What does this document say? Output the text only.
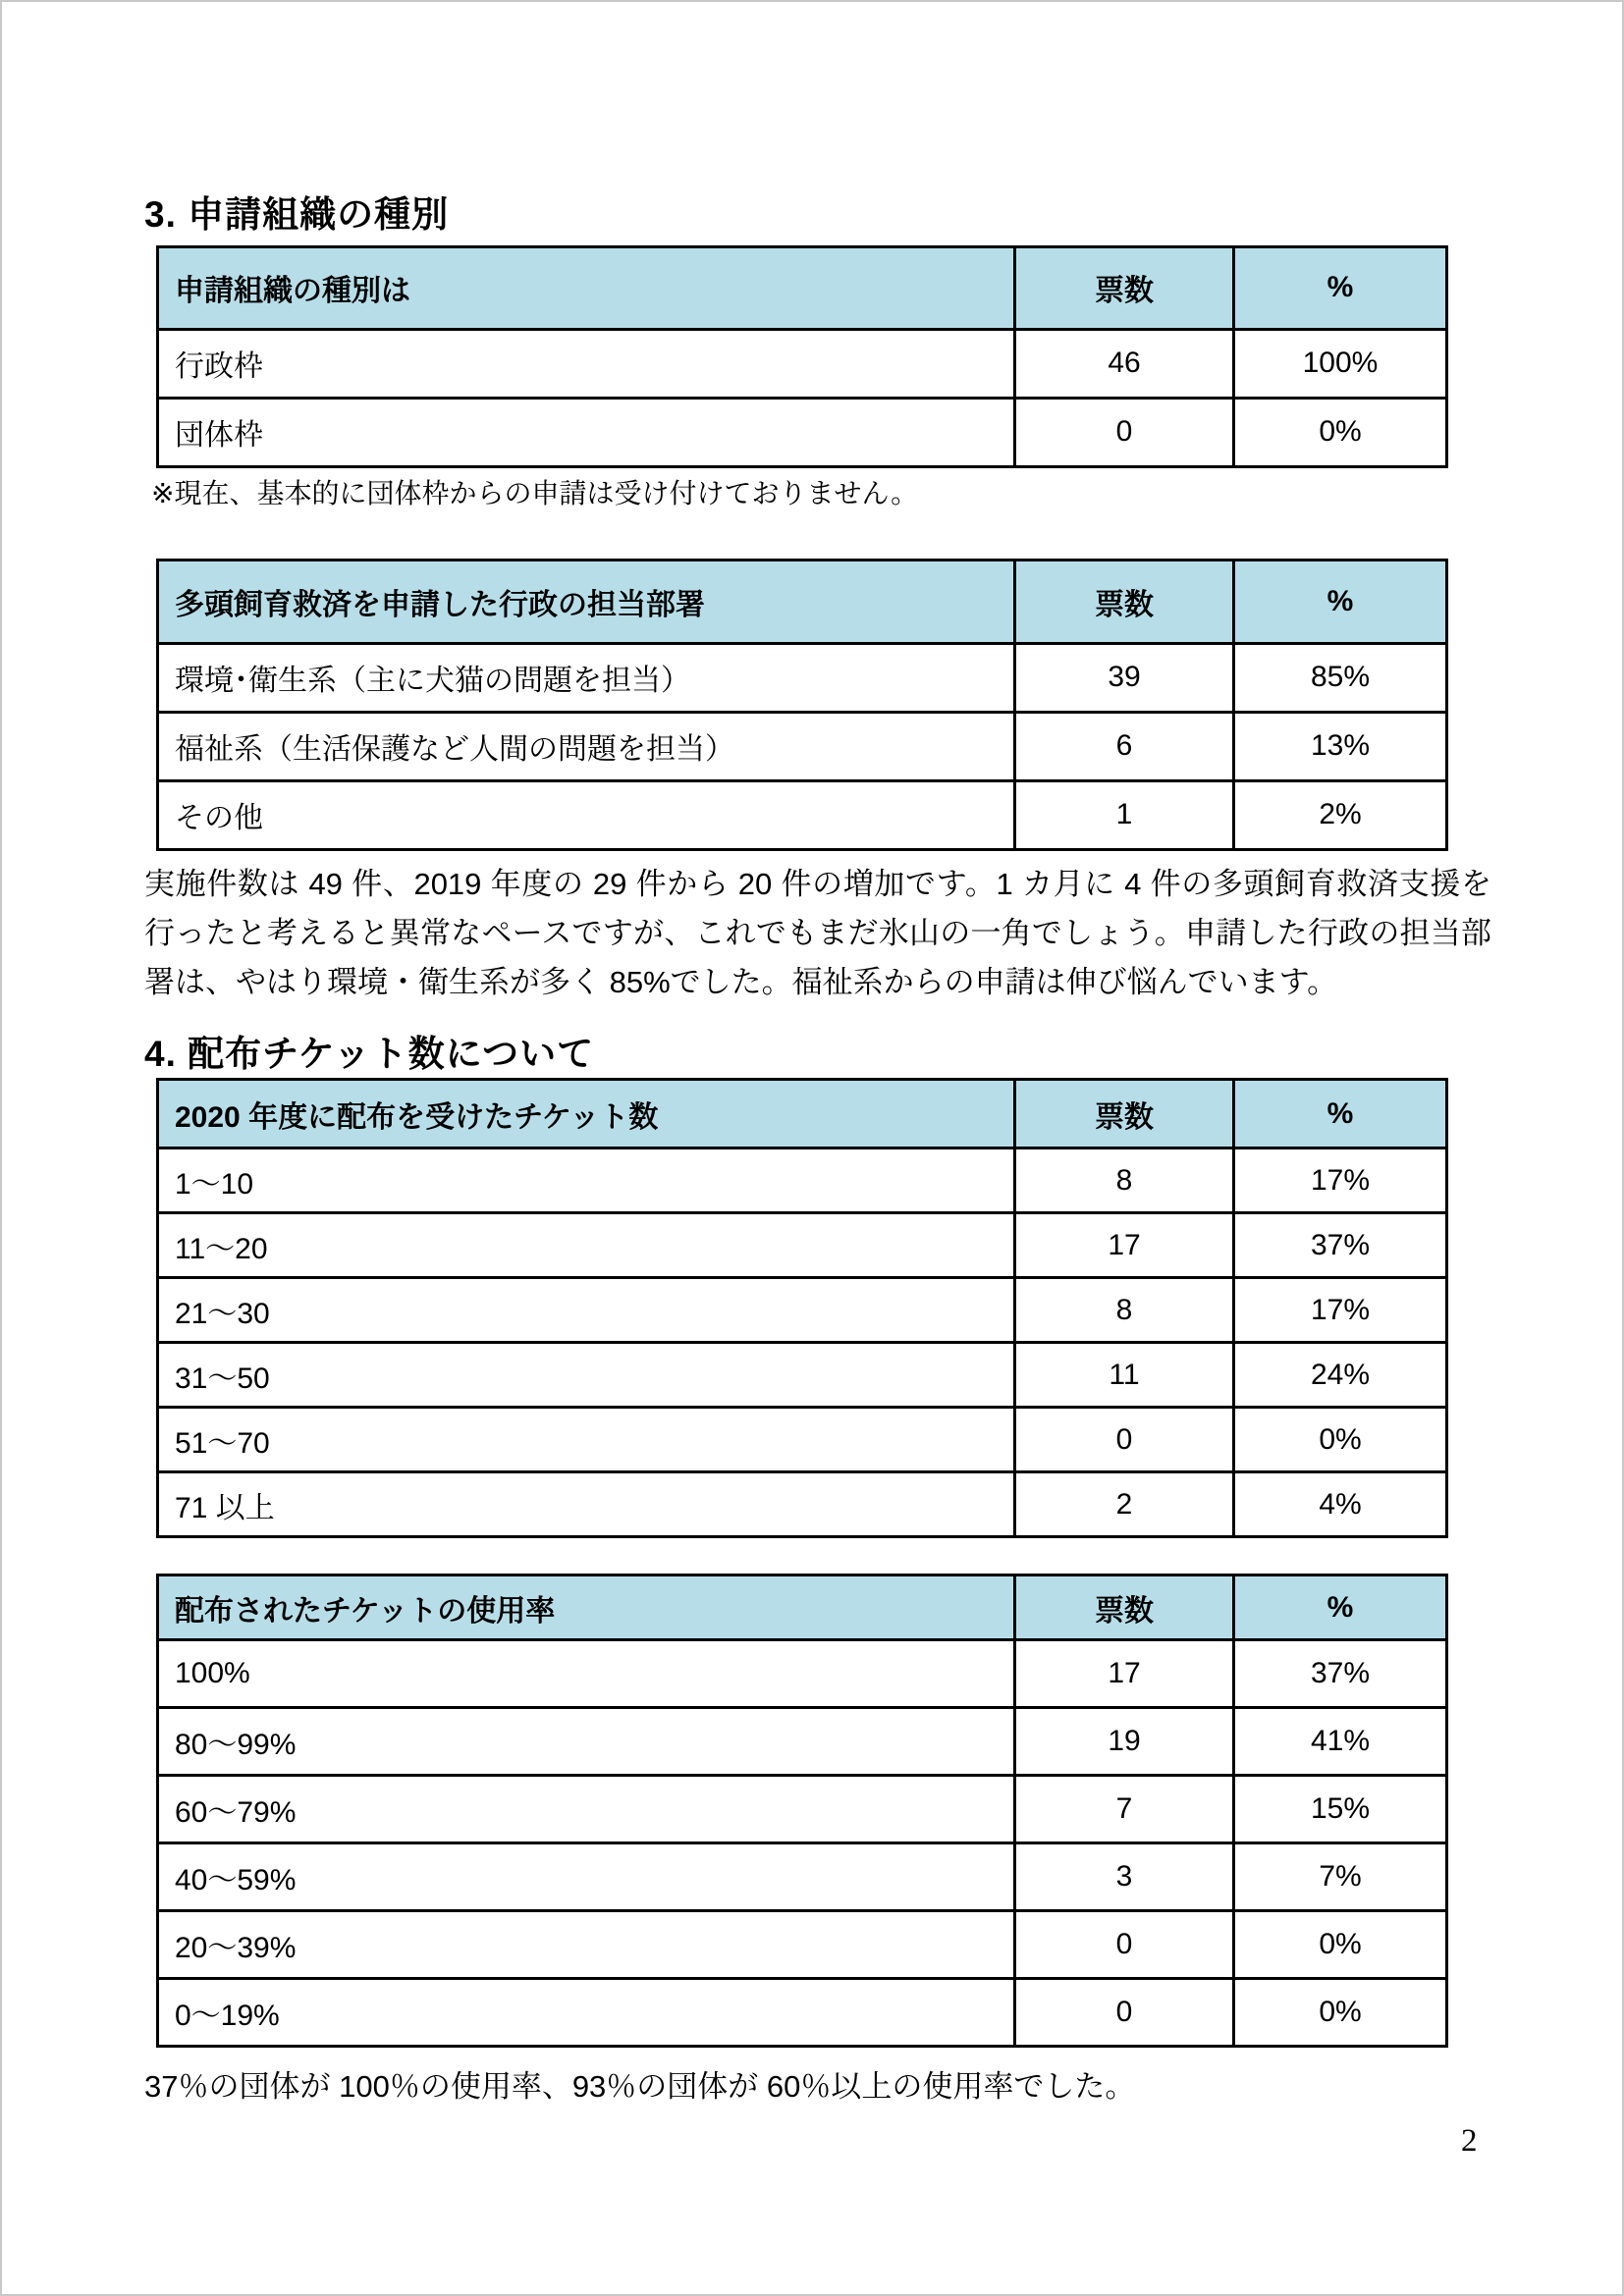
3. 申請組織の種別
申請組織の種別は	票数	%
行政枠	46	100%
団体枠	0	0%
※現在、基本的に団体枠からの申請は受け付けておりません。
多頭飼育救済を申請した行政の担当部署	票数	%
環境･衛生系（主に犬猫の問題を担当）	39	85%
福祉系（生活保護など人間の問題を担当）	6	13%
その他	1	2%

実施件数は 49 件、2019 年度の 29 件から 20 件の増加です。1 カ月に 4 件の多頭飼育救済支援を行ったと考えると異常なペースですが、これでもまだ氷山の一角でしょう。申請した行政の担当部署は、やはり環境・衛生系が多く 85%でした。福祉系からの申請は伸び悩んでいます。

4. 配布チケット数について
2020 年度に配布を受けたチケット数	票数	%
1～10	8	17%
11～20	17	37%
21～30	8	17%
31～50	11	24%
51～70	0	0%
71 以上	2	4%
配布されたチケットの使用率	票数	%
100%	17	37%
80～99%	19	41%
60～79%	7	15%
40～59%	3	7%
20～39%	0	0%
0～19%	0	0%

37％の団体が 100％の使用率、93％の団体が 60％以上の使用率でした。

2
